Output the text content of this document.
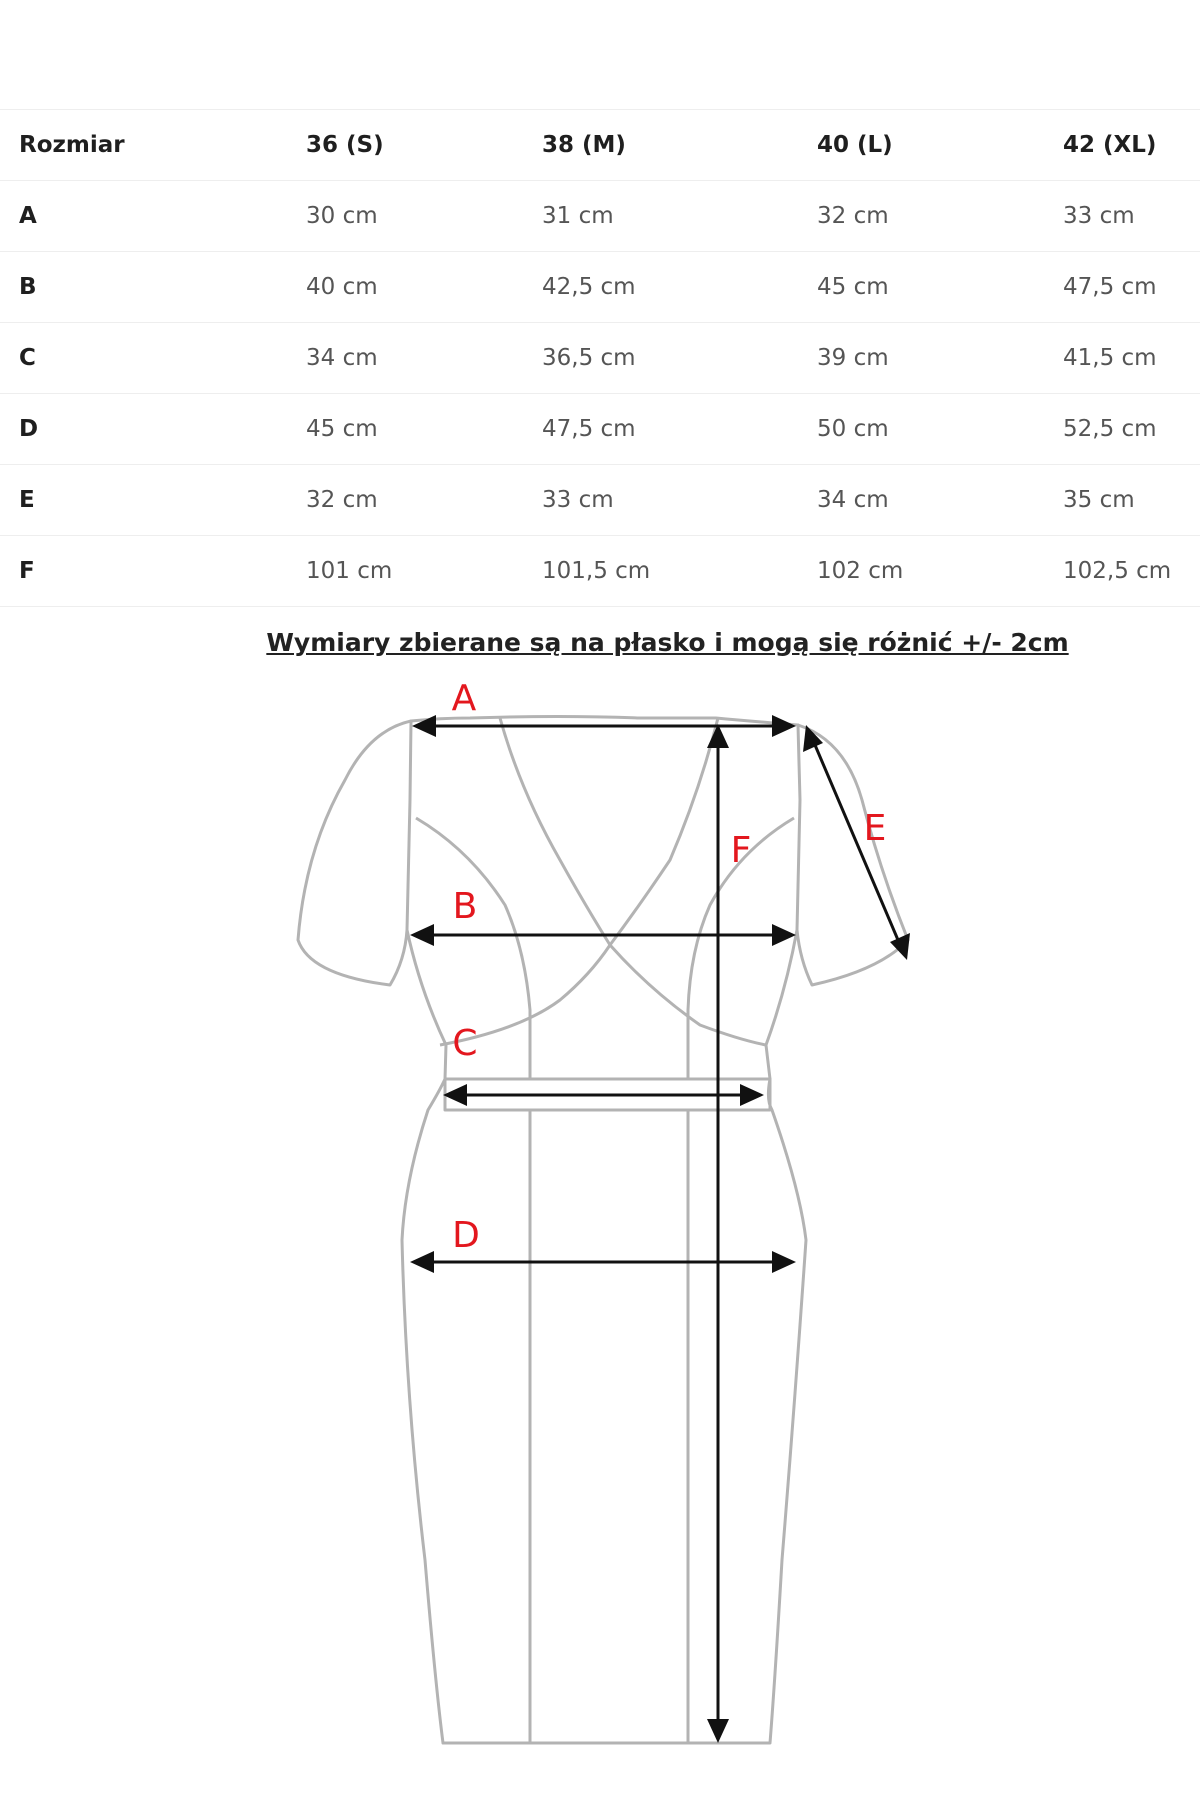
Rozmiar	36 (S)	38 (M)	40 (L)	42 (XL)
A	30 cm	31 cm	32 cm	33 cm
B	40 cm	42,5 cm	45 cm	47,5 cm
C	34 cm	36,5 cm	39 cm	41,5 cm
D	45 cm	47,5 cm	50 cm	52,5 cm
E	32 cm	33 cm	34 cm	35 cm
F	101 cm	101,5 cm	102 cm	102,5 cm
Wymiary zbierane są na płasko i mogą się różnić +/- 2cm
A
B
C
D
E
F
